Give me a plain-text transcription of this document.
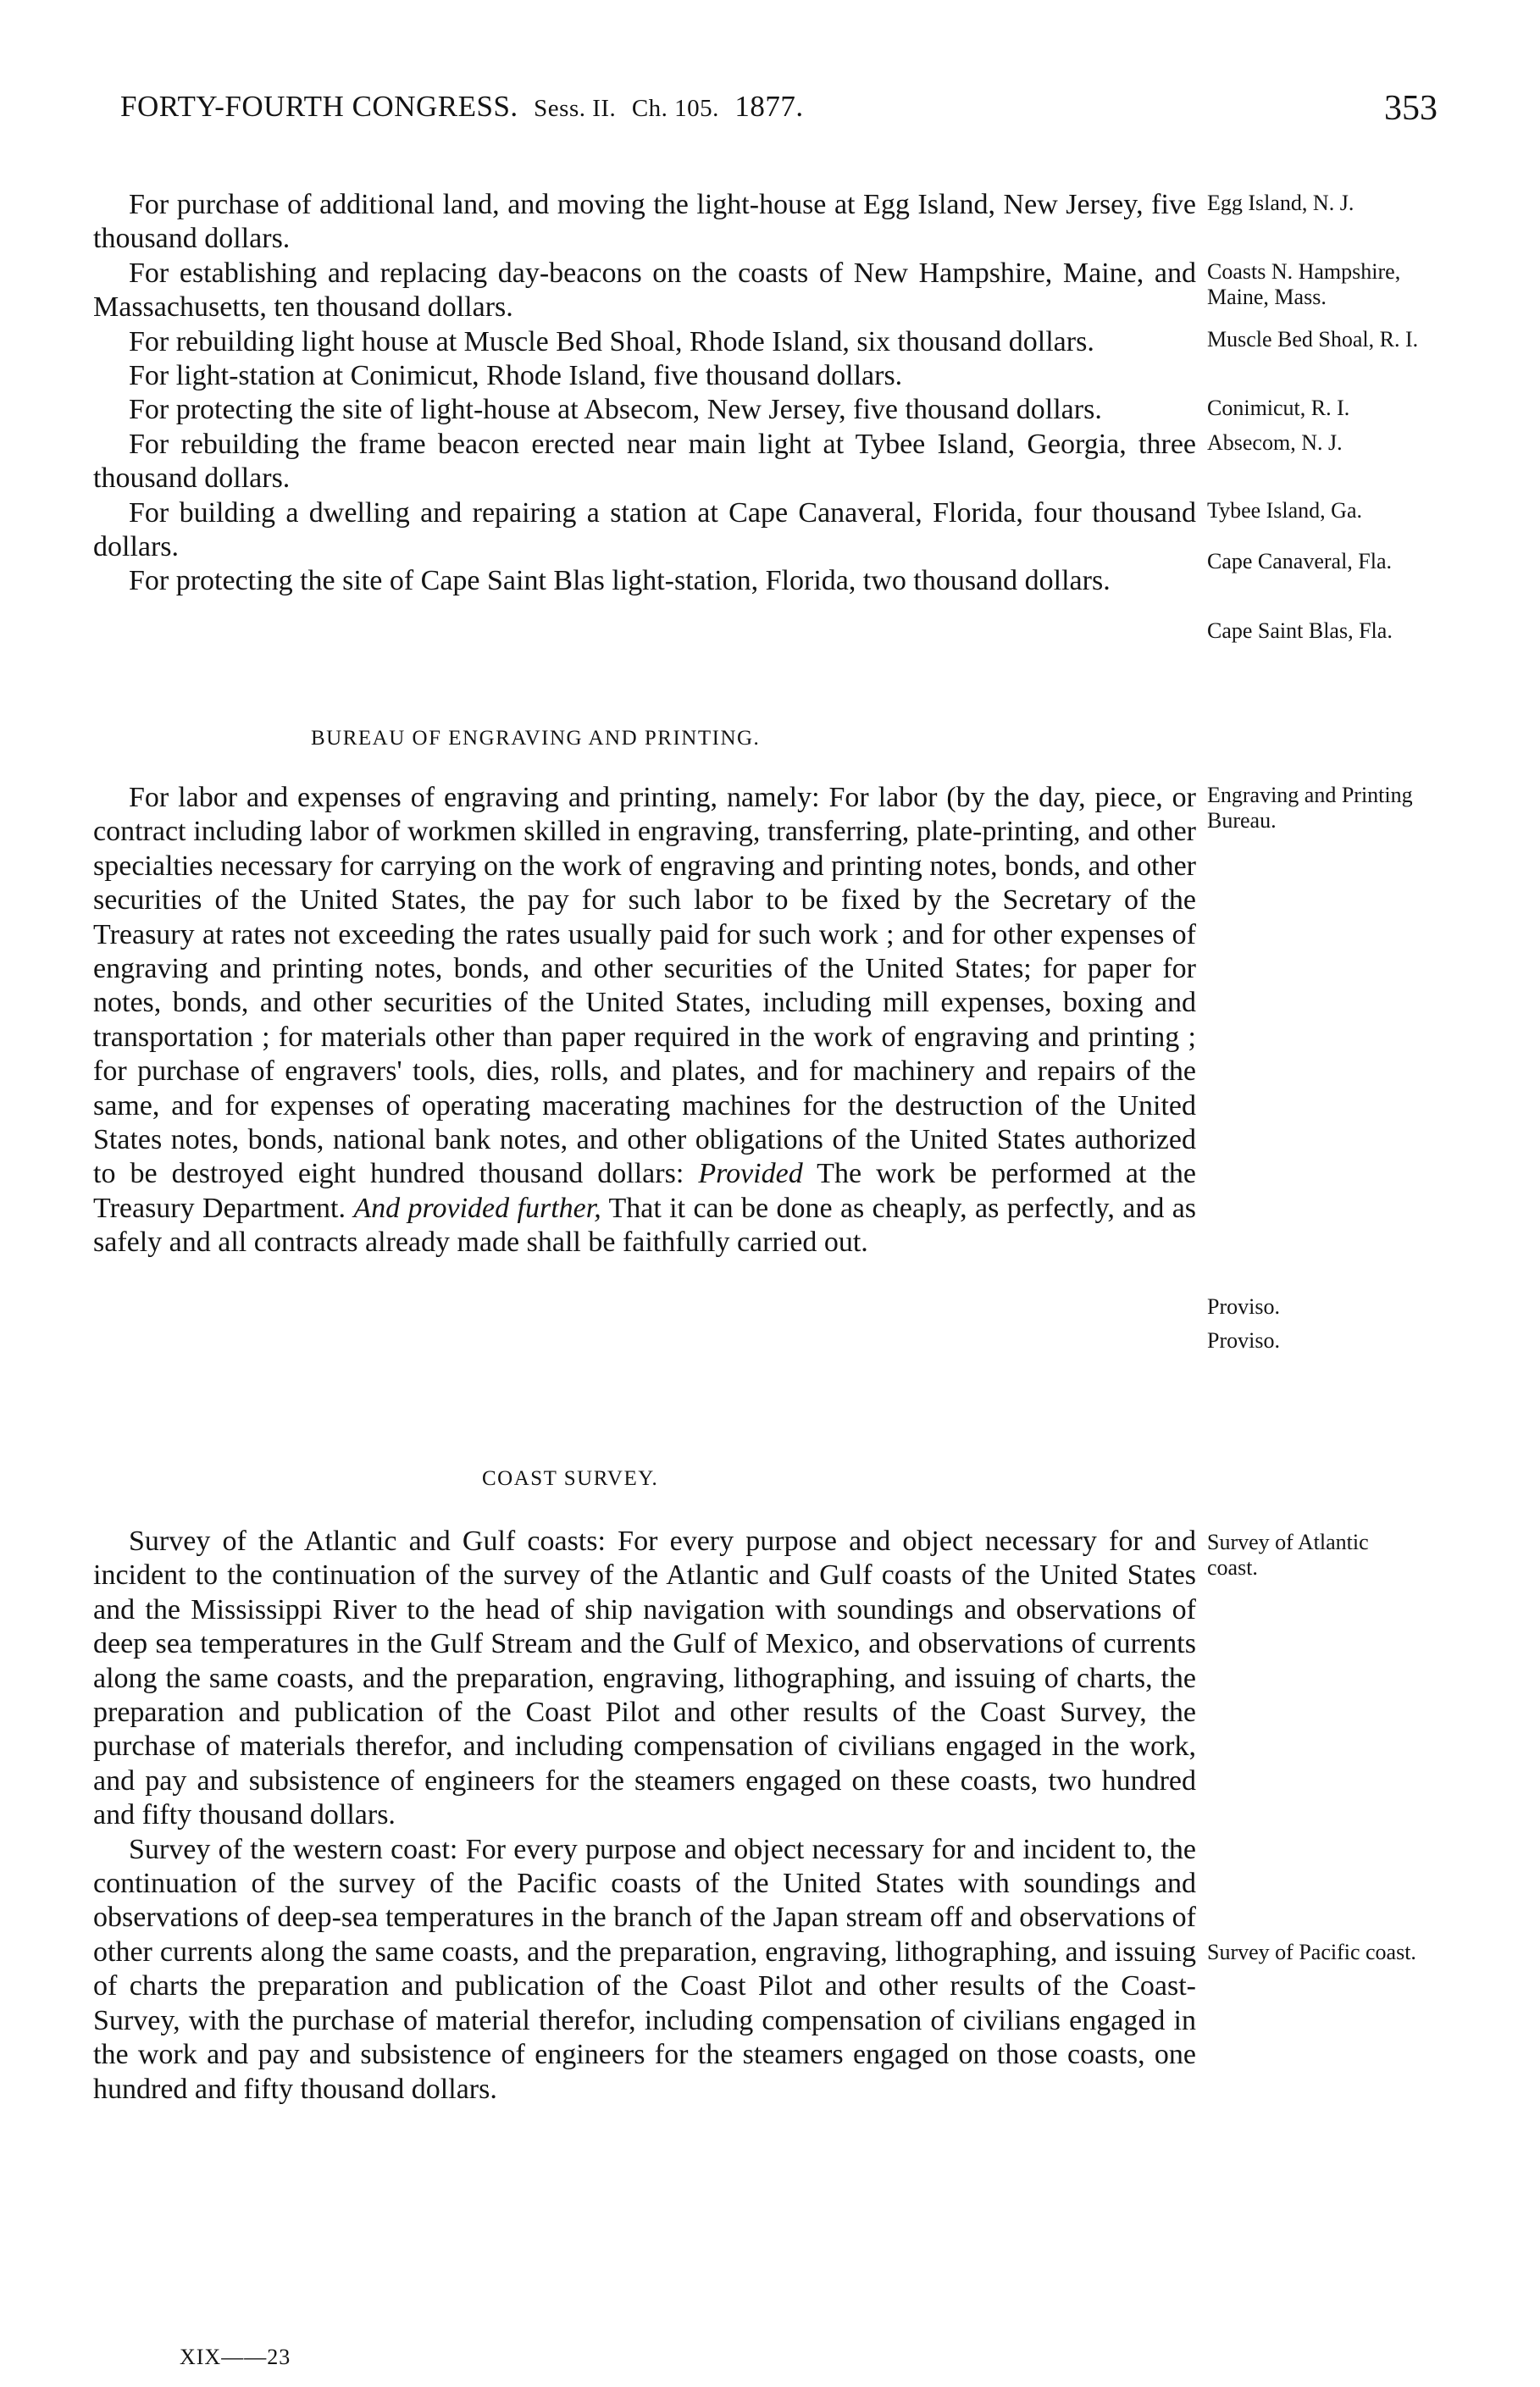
FORTY-FOURTH CONGRESS. Sess. II. Ch. 105. 1877.	353

For purchase of additional land, and moving the light-house at Egg Island, New Jersey, five thousand dollars.

For establishing and replacing day-beacons on the coasts of New Hampshire, Maine, and Massachusetts, ten thousand dollars.

For rebuilding light house at Muscle Bed Shoal, Rhode Island, six thousand dollars.

For light-station at Conimicut, Rhode Island, five thousand dollars.

For protecting the site of light-house at Absecom, New Jersey, five thousand dollars.

For rebuilding the frame beacon erected near main light at Tybee Island, Georgia, three thousand dollars.

For building a dwelling and repairing a station at Cape Canaveral, Florida, four thousand dollars.

For protecting the site of Cape Saint Blas light-station, Florida, two thousand dollars.

Egg Island, N. J.
Coasts N. Hampshire, Maine, Mass.
Muscle Bed Shoal, R. I.
Conimicut, R. I.
Absecom, N. J.
Tybee Island, Ga.
Cape Canaveral, Fla.
Cape Saint Blas, Fla.
BUREAU OF ENGRAVING AND PRINTING.

For labor and expenses of engraving and printing, namely: For labor (by the day, piece, or contract including labor of workmen skilled in engraving, transferring, plate-printing, and other specialties necessary for carrying on the work of engraving and printing notes, bonds, and other securities of the United States, the pay for such labor to be fixed by the Secretary of the Treasury at rates not exceeding the rates usually paid for such work ; and for other expenses of engraving and printing notes, bonds, and other securities of the United States; for paper for notes, bonds, and other securities of the United States, including mill expenses, boxing and transportation ; for materials other than paper required in the work of engraving and printing ; for purchase of engravers' tools, dies, rolls, and plates, and for machinery and repairs of the same, and for expenses of operating macerating machines for the destruction of the United States notes, bonds, national bank notes, and other obligations of the United States authorized to be destroyed eight hundred thousand dollars: Provided The work be performed at the Treasury Department. And provided further, That it can be done as cheaply, as perfectly, and as safely and all contracts already made shall be faithfully carried out.

Engraving and Printing Bureau.
Proviso.
Proviso.
COAST SURVEY.

Survey of the Atlantic and Gulf coasts: For every purpose and object necessary for and incident to the continuation of the survey of the Atlantic and Gulf coasts of the United States and the Mississippi River to the head of ship navigation with soundings and observations of deep sea temperatures in the Gulf Stream and the Gulf of Mexico, and observations of currents along the same coasts, and the preparation, engraving, lithographing, and issuing of charts, the preparation and publication of the Coast Pilot and other results of the Coast Survey, the purchase of materials therefor, and including compensation of civilians engaged in the work, and pay and subsistence of engineers for the steamers engaged on these coasts, two hundred and fifty thousand dollars.

Survey of the western coast: For every purpose and object necessary for and incident to, the continuation of the survey of the Pacific coasts of the United States with soundings and observations of deep-sea temperatures in the branch of the Japan stream off and observations of other currents along the same coasts, and the preparation, engraving, lithographing, and issuing of charts the preparation and publication of the Coast Pilot and other results of the Coast-Survey, with the purchase of material therefor, including compensation of civilians engaged in the work and pay and subsistence of engineers for the steamers engaged on those coasts, one hundred and fifty thousand dollars.

Survey of Atlantic coast.
Survey of Pacific coast.
XIX——23
